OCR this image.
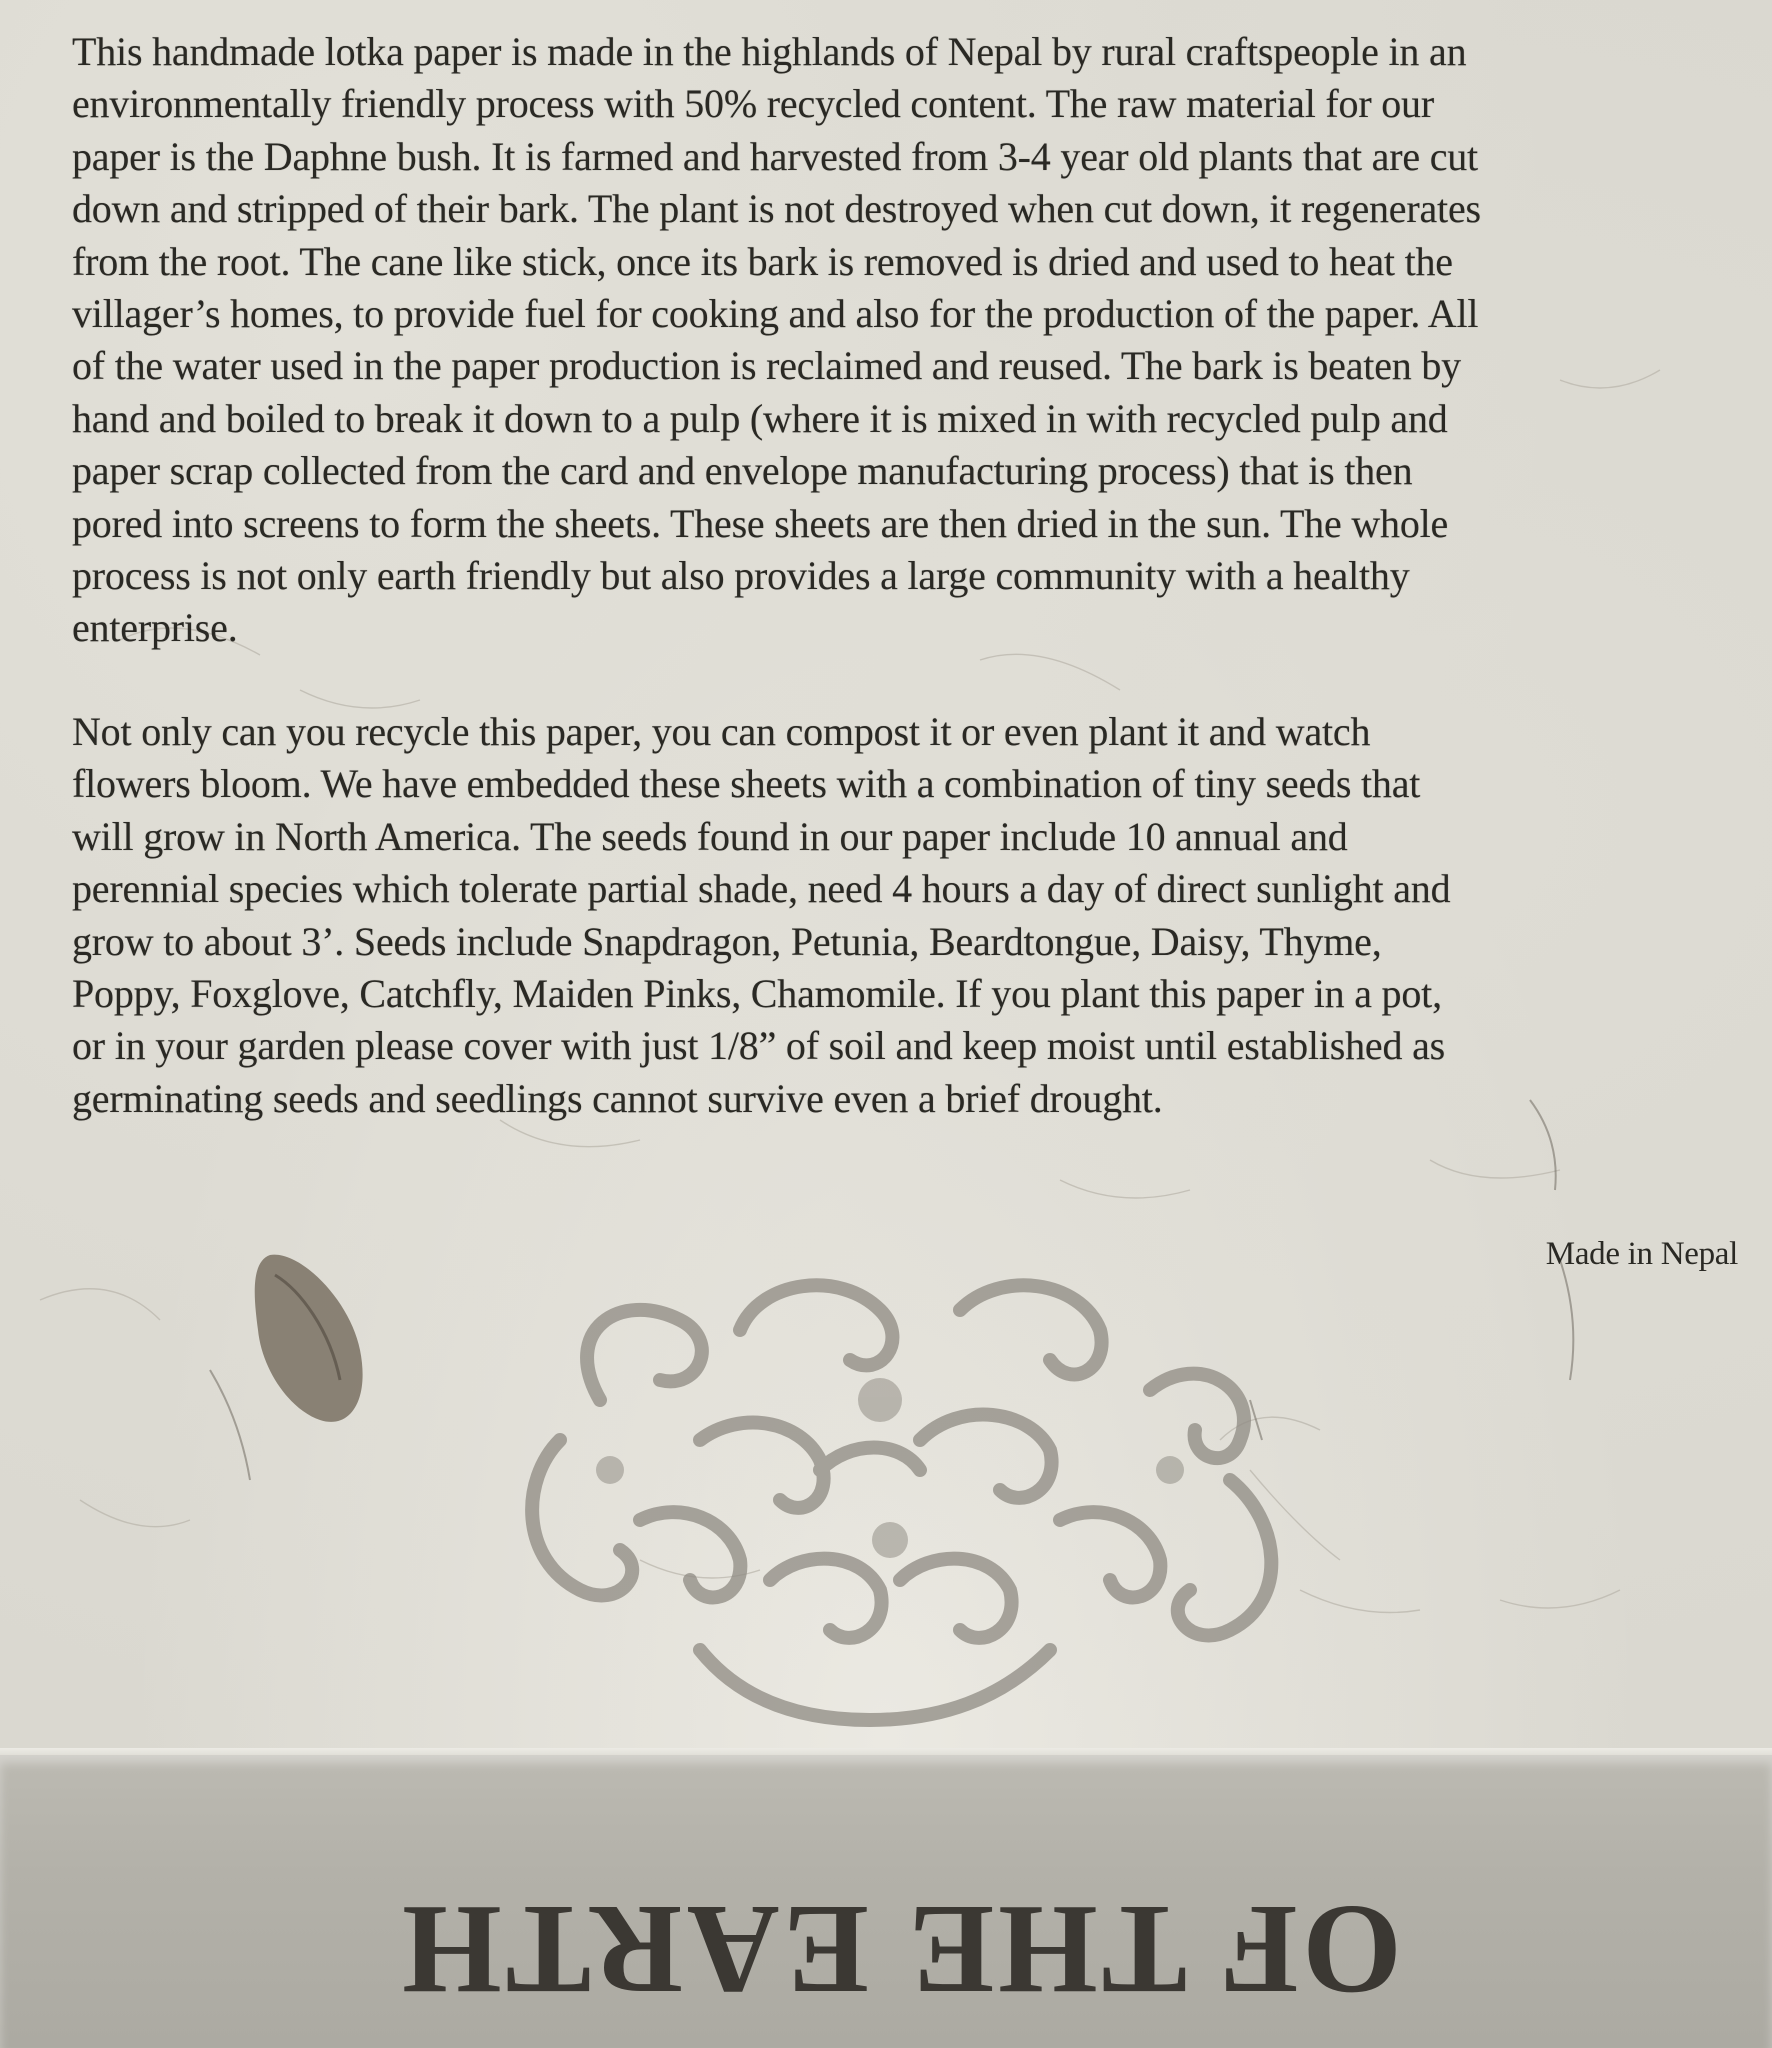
This handmade lotka paper is made in the highlands of Nepal by rural craftspeople in an
environmentally friendly process with 50% recycled content. The raw material for our
paper is the Daphne bush. It is farmed and harvested from 3-4 year old plants that are cut
down and stripped of their bark. The plant is not destroyed when cut down, it regenerates
from the root. The cane like stick, once its bark is removed is dried and used to heat the
villager’s homes, to provide fuel for cooking and also for the production of the paper. All
of the water used in the paper production is reclaimed and reused. The bark is beaten by
hand and boiled to break it down to a pulp (where it is mixed in with recycled pulp and
paper scrap collected from the card and envelope manufacturing process) that is then
pored into screens to form the sheets. These sheets are then dried in the sun. The whole
process is not only earth friendly but also provides a large community with a healthy
enterprise.
Not only can you recycle this paper, you can compost it or even plant it and watch
flowers bloom. We have embedded these sheets with a combination of tiny seeds that
will grow in North America. The seeds found in our paper include 10 annual and
perennial species which tolerate partial shade, need 4 hours a day of direct sunlight and
grow to about 3’. Seeds include Snapdragon, Petunia, Beardtongue, Daisy, Thyme,
Poppy, Foxglove, Catchfly, Maiden Pinks, Chamomile. If you plant this paper in a pot,
or in your garden please cover with just 1/8” of soil and keep moist until established as
germinating seeds and seedlings cannot survive even a brief drought.
Made in Nepal
OF THE EARTH
